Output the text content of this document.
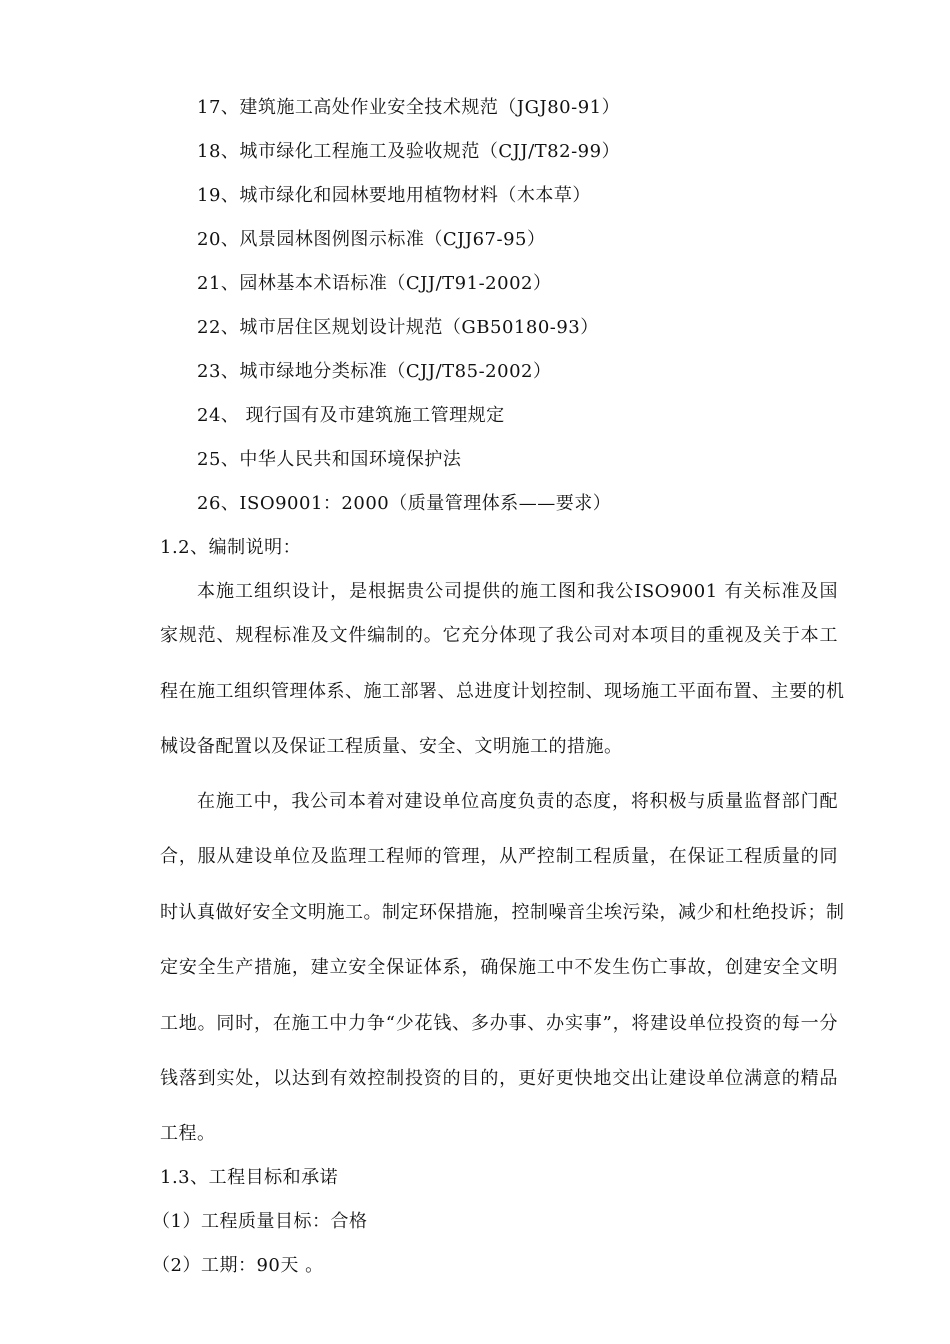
17、建筑施工高处作业安全技术规范（JGJ80-91）
18、城市绿化工程施工及验收规范（CJJ/T82-99）
19、城市绿化和园林要地用植物材料（木本草）
20、风景园林图例图示标准（CJJ67-95）
21、园林基本术语标准（CJJ/T91-2002）
22、城市居住区规划设计规范（GB50180-93）
23、城市绿地分类标准（CJJ/T85-2002）
24、 现行国有及市建筑施工管理规定
25、中华人民共和国环境保护法
26、ISO9001：2000（质量管理体系——要求）
1.2、编制说明：
本施工组织设计，是根据贵公司提供的施工图和我公ISO9001 有关标准及国
家规范、规程标准及文件编制的。它充分体现了我公司对本项目的重视及关于本工
程在施工组织管理体系、施工部署、总进度计划控制、现场施工平面布置、主要的机
械设备配置以及保证工程质量、安全、文明施工的措施。
在施工中，我公司本着对建设单位高度负责的态度，将积极与质量监督部门配
合，服从建设单位及监理工程师的管理，从严控制工程质量，在保证工程质量的同
时认真做好安全文明施工。制定环保措施，控制噪音尘埃污染，减少和杜绝投诉；制
定安全生产措施，建立安全保证体系，确保施工中不发生伤亡事故，创建安全文明
工地。同时，在施工中力争“少花钱、多办事、办实事”，将建设单位投资的每一分
钱落到实处，以达到有效控制投资的目的，更好更快地交出让建设单位满意的精品
工程。
1.3、工程目标和承诺
（1）工程质量目标：合格
（2）工期：90天 。
